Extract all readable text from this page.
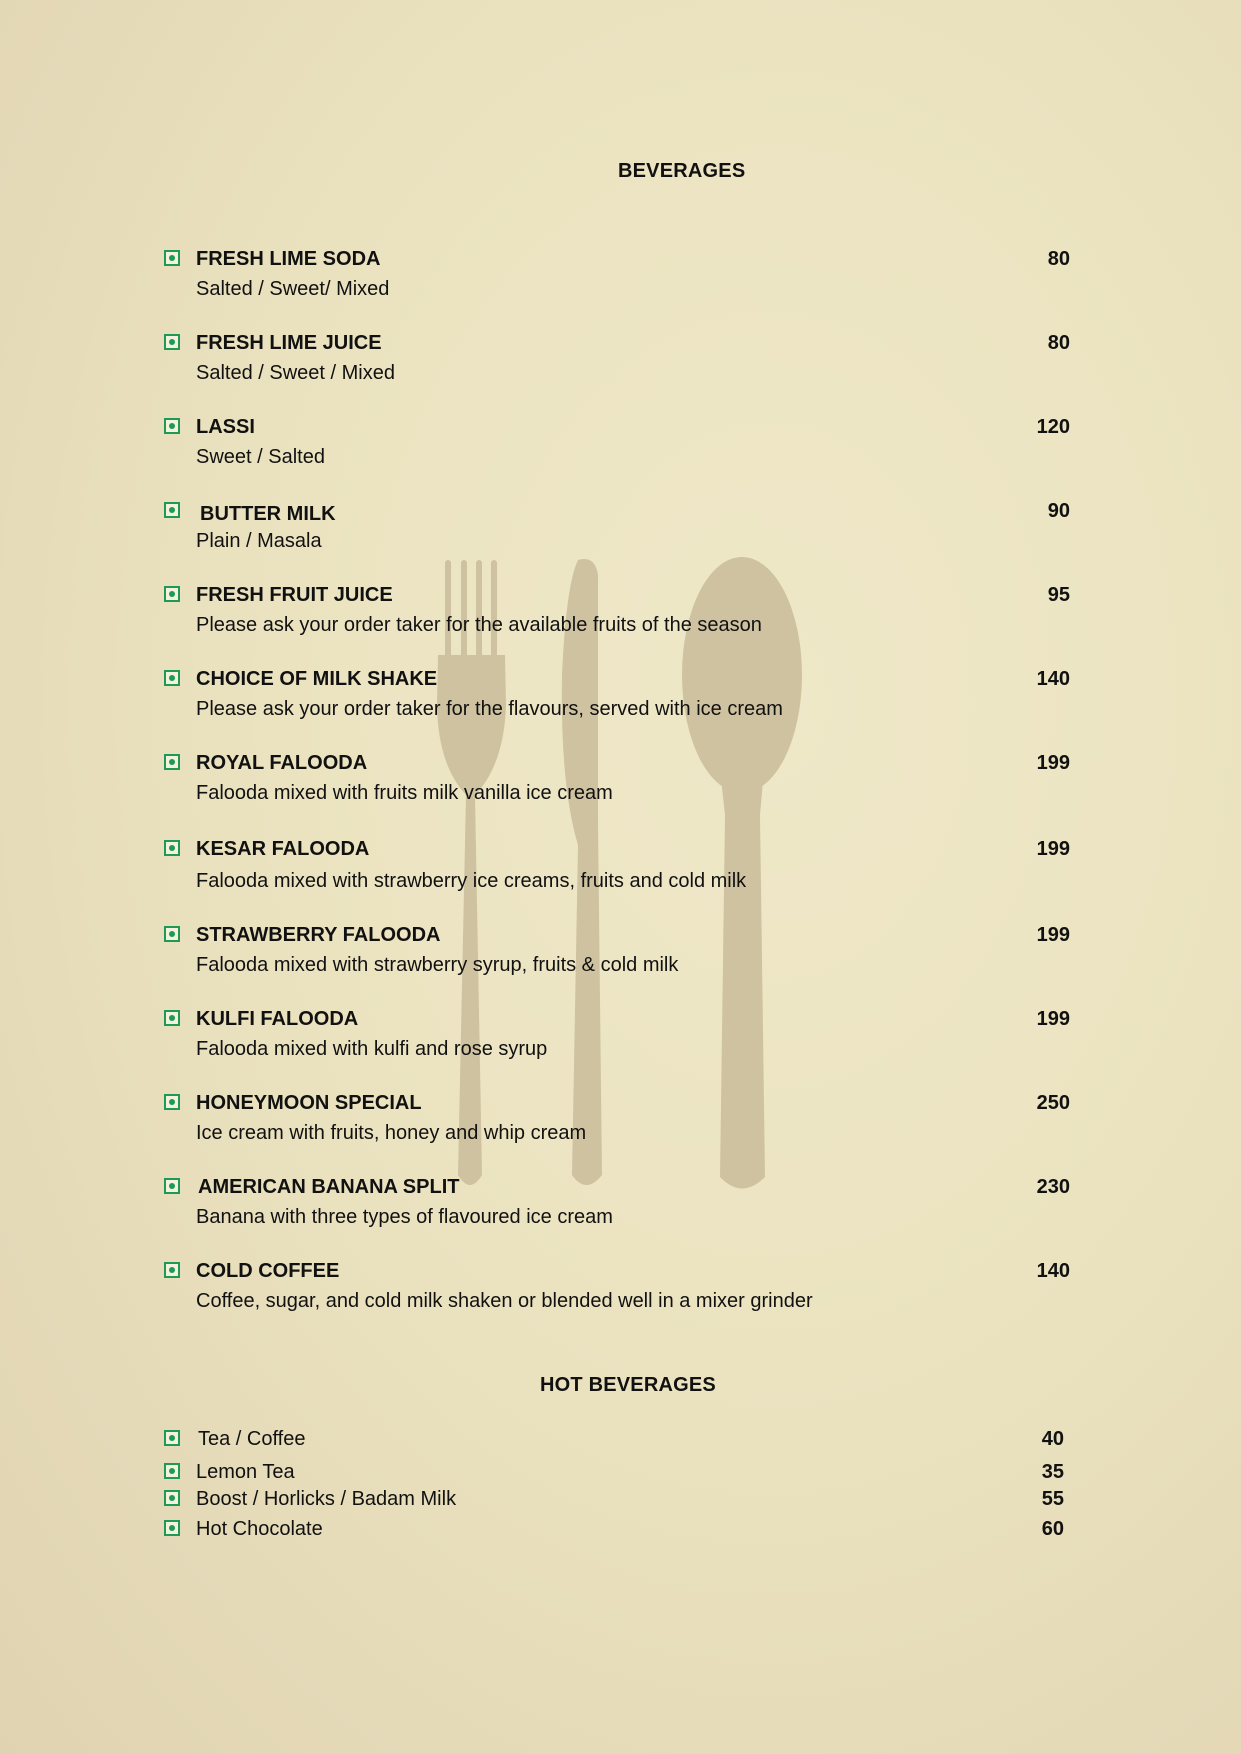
BEVERAGES
FRESH LIME SODA
Salted / Sweet/ Mixed
80
FRESH LIME JUICE
Salted / Sweet / Mixed
80
LASSI
Sweet / Salted
120
BUTTER MILK
Plain / Masala
90
FRESH FRUIT JUICE
Please ask your order taker for the available fruits of the season
95
CHOICE OF MILK SHAKE
Please ask your order taker for the flavours, served with ice cream
140
ROYAL FALOODA
Falooda mixed with fruits milk vanilla ice cream
199
KESAR FALOODA
Falooda mixed with strawberry ice creams, fruits and cold milk
199
STRAWBERRY FALOODA
Falooda mixed with strawberry syrup, fruits & cold milk
199
KULFI FALOODA
Falooda mixed with kulfi and rose syrup
199
HONEYMOON SPECIAL
Ice cream with fruits, honey and whip cream
250
AMERICAN BANANA SPLIT
Banana with three types of flavoured ice cream
230
COLD COFFEE
Coffee, sugar, and cold milk shaken or blended well in a mixer grinder
140
HOT BEVERAGES
Tea / Coffee	40
Lemon Tea	35
Boost / Horlicks / Badam Milk	55
Hot Chocolate	60
